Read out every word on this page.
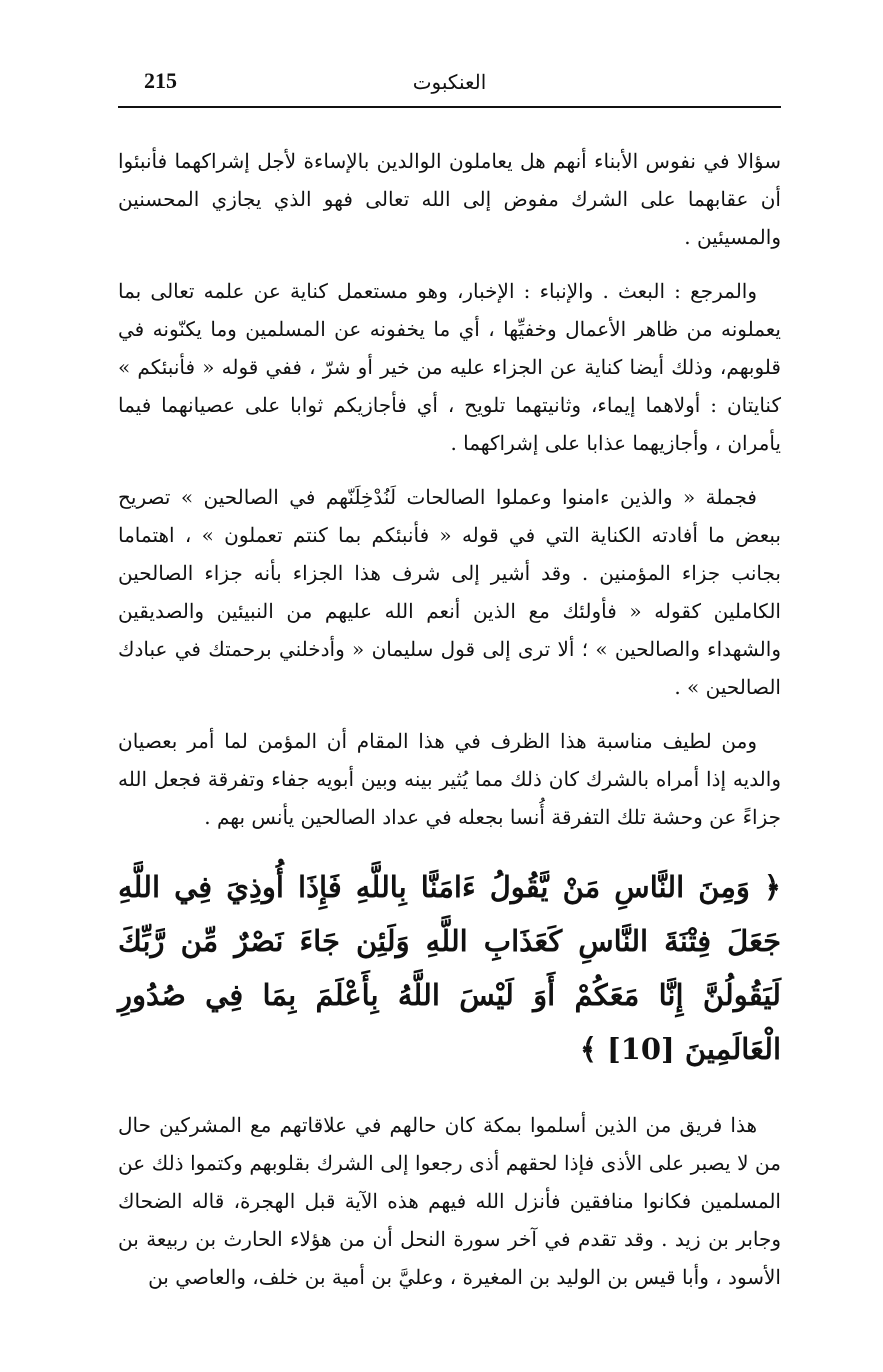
215	العنكبوت

سؤالا في نفوس الأبناء أنهم هل يعاملون الوالدين بالإساءة لأجل إشراكهما فأنبئوا أن عقابهما على الشرك مفوض إلى الله تعالى فهو الذي يجازي المحسنين والمسيئين .

والمرجع : البعث . والإنباء : الإخبار، وهو مستعمل كناية عن علمه تعالى بما يعملونه من ظاهر الأعمال وخفيِّها ، أي ما يخفونه عن المسلمين وما يكنّونه في قلوبهم، وذلك أيضا كناية عن الجزاء عليه من خير أو شرّ ، ففي قوله « فأنبئكم » كنايتان : أولاهما إيماء، وثانيتهما تلويح ، أي فأجازيكم ثوابا على عصيانهما فيما يأمران ، وأجازيهما عذابا على إشراكهما .

فجملة « والذين ءامنوا وعملوا الصالحات لَنُدْخِلَنّهم في الصالحين » تصريح ببعض ما أفادته الكناية التي في قوله « فأنبئكم بما كنتم تعملون » ، اهتماما بجانب جزاء المؤمنين . وقد أشير إلى شرف هذا الجزاء بأنه جزاء الصالحين الكاملين كقوله « فأولئك مع الذين أنعم الله عليهم من النبيئين والصديقين والشهداء والصالحين » ؛ ألا ترى إلى قول سليمان « وأدخلني برحمتك في عبادك الصالحين » .

ومن لطيف مناسبة هذا الظرف في هذا المقام أن المؤمن لما أمر بعصيان والديه إذا أمراه بالشرك كان ذلك مما يُثير بينه وبين أبويه جفاء وتفرقة فجعل الله جزاءً عن وحشة تلك التفرقة أُنسا بجعله في عداد الصالحين يأنس بهم .

﴿ وَمِنَ النَّاسِ مَنْ يَّقُولُ ءَامَنَّا بِاللَّهِ فَإِذَا أُوذِيَ فِي اللَّهِ جَعَلَ فِتْنَةَ النَّاسِ كَعَذَابِ اللَّهِ وَلَئِن جَاءَ نَصْرٌ مِّن رَّبِّكَ لَيَقُولُنَّ إِنَّا مَعَكُمْ أَوَ لَيْسَ اللَّهُ بِأَعْلَمَ بِمَا فِي صُدُورِ الْعَالَمِينَ [10] ﴾

هذا فريق من الذين أسلموا بمكة كان حالهم في علاقاتهم مع المشركين حال من لا يصبر على الأذى فإذا لحقهم أذى رجعوا إلى الشرك بقلوبهم وكتموا ذلك عن المسلمين فكانوا منافقين فأنزل الله فيهم هذه الآية قبل الهجرة، قاله الضحاك وجابر بن زيد . وقد تقدم في آخر سورة النحل أن من هؤلاء الحارث بن ربيعة بن الأسود ، وأبا قيس بن الوليد بن المغيرة ، وعليَّ بن أمية بن خلف، والعاصي بن
